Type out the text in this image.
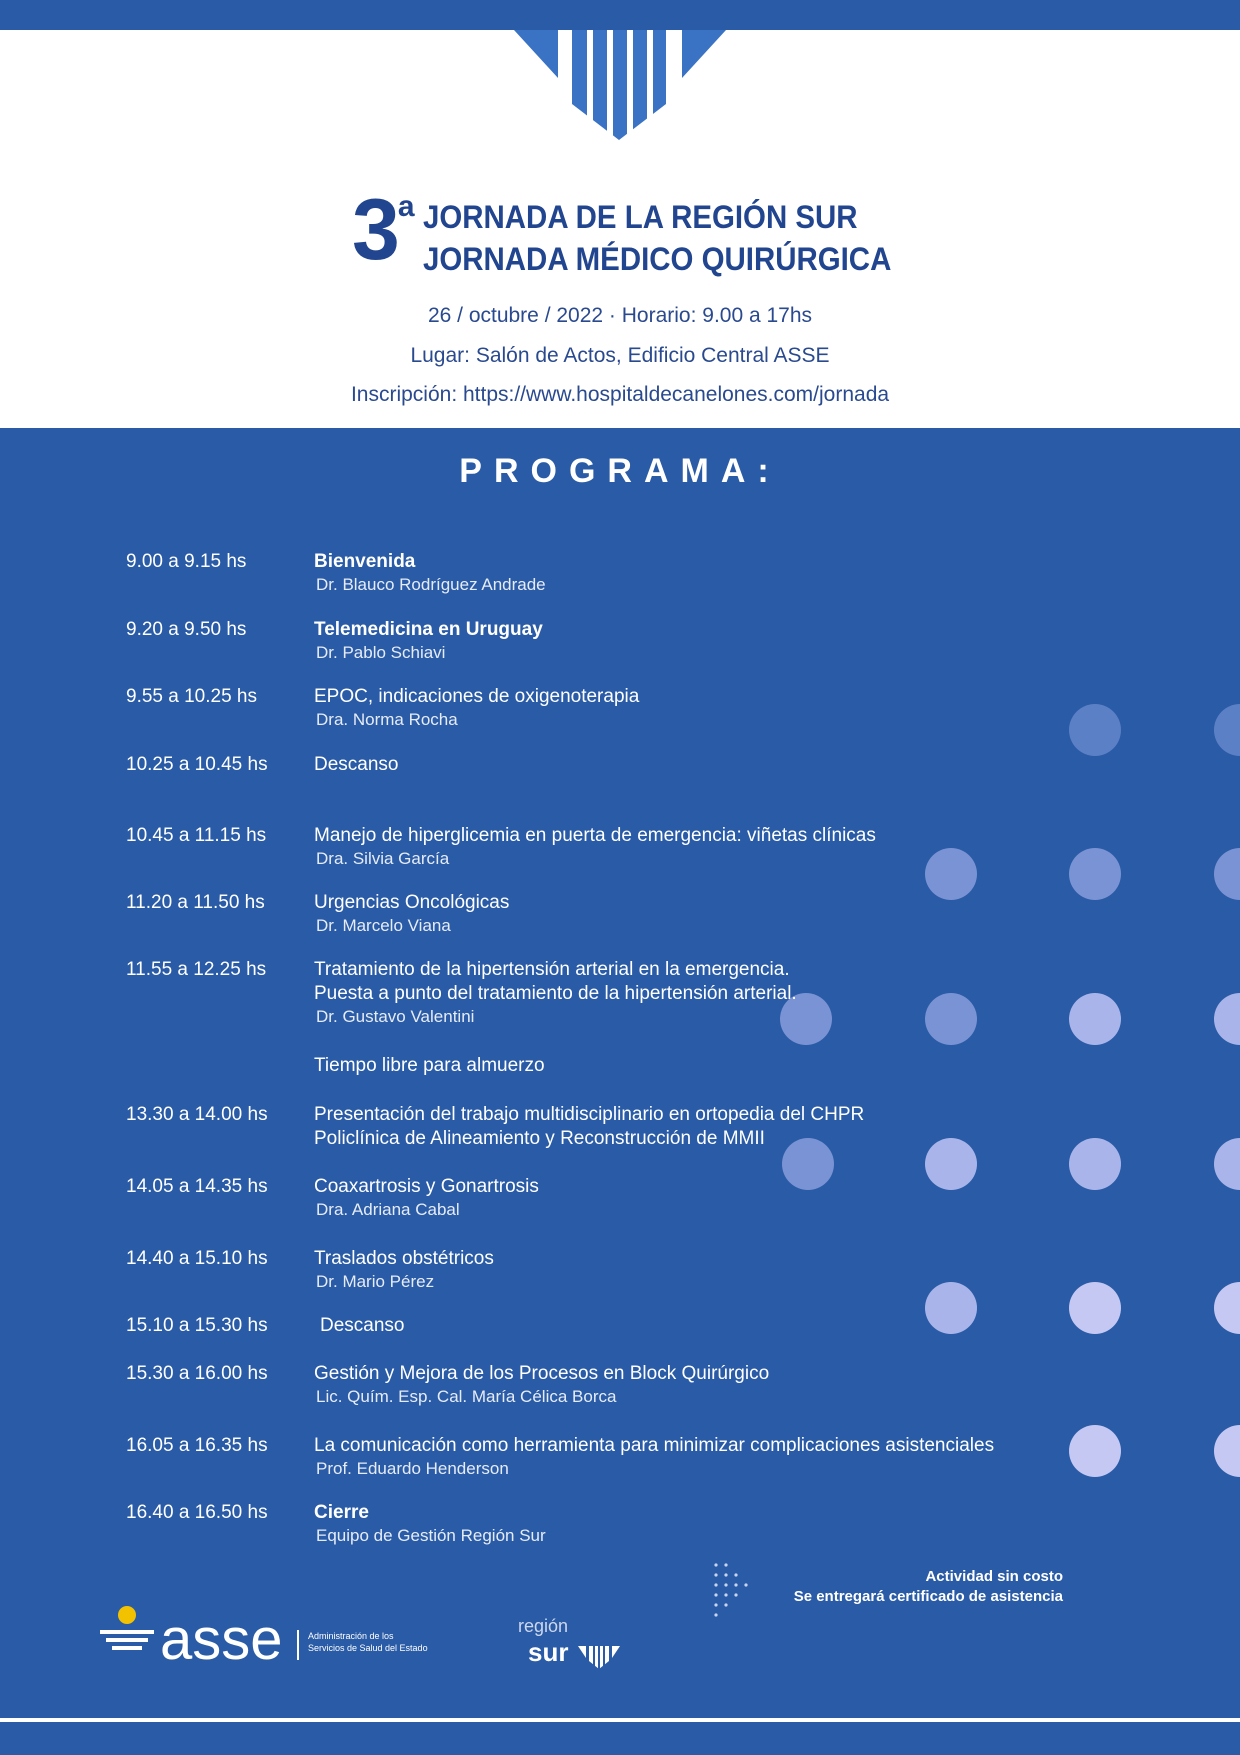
3 a JORNADA DE LA REGIÓN SUR
JORNADA MÉDICO QUIRÚRGICA
26 / octubre / 2022 · Horario: 9.00 a 17hs
Lugar: Salón de Actos, Edificio Central ASSE
Inscripción: https://www.hospitaldecanelones.com/jornada
PROGRAMA:
9.00 a 9.15 hs	Bienvenida
Dr. Blauco Rodríguez Andrade
9.20 a 9.50 hs	Telemedicina en Uruguay
Dr. Pablo Schiavi
9.55 a 10.25 hs	EPOC, indicaciones de oxigenoterapia
Dra. Norma Rocha
10.25 a 10.45 hs	Descanso
10.45 a 11.15 hs	Manejo de hiperglicemia en puerta de emergencia: viñetas clínicas
Dra. Silvia García
11.20 a 11.50 hs	Urgencias Oncológicas
Dr. Marcelo Viana
11.55 a 12.25 hs	Tratamiento de la hipertensión arterial en la emergencia.
Puesta a punto del tratamiento de la hipertensión arterial.
Dr. Gustavo Valentini
Tiempo libre para almuerzo
13.30 a 14.00 hs	Presentación del trabajo multidisciplinario en ortopedia del CHPR
Policlínica de Alineamiento y Reconstrucción de MMII
14.05 a 14.35 hs	Coaxartrosis y Gonartrosis
Dra. Adriana Cabal
14.40 a 15.10 hs	Traslados obstétricos
Dr. Mario Pérez
15.10 a 15.30 hs	Descanso
15.30 a 16.00 hs	Gestión y Mejora de los Procesos en Block Quirúrgico
Lic. Quím. Esp. Cal. María Célica Borca
16.05 a 16.35 hs	La comunicación como herramienta para minimizar complicaciones asistenciales
Prof. Eduardo Henderson
16.40 a 16.50 hs	Cierre
Equipo de Gestión Región Sur
Actividad sin costo
Se entregará certificado de asistencia
asse	Administración de los
Servicios de Salud del Estado
región
sur
